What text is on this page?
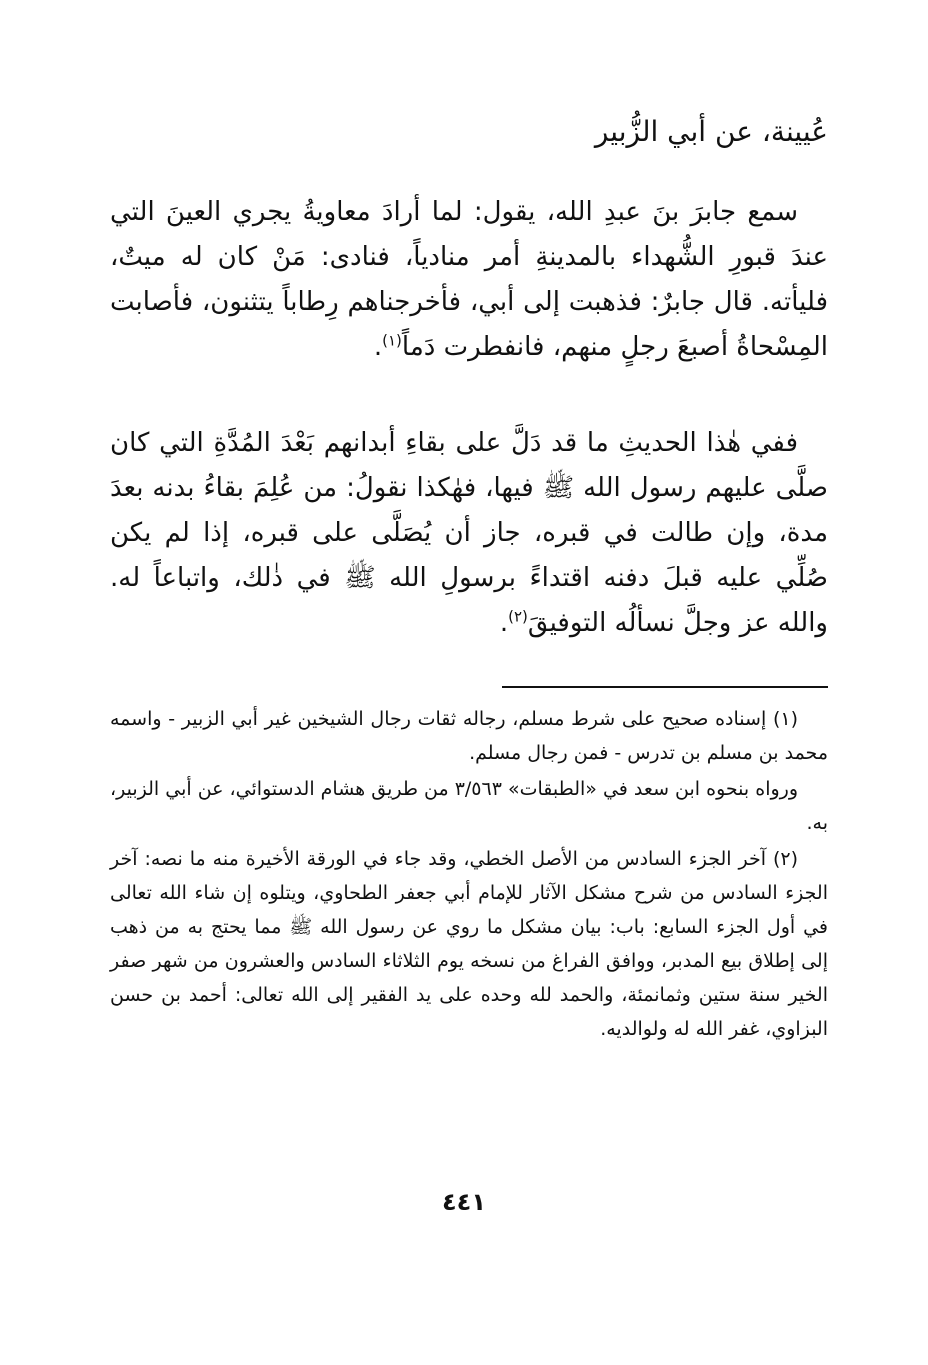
عُيينة، عن أبي الزُّبير

سمع جابرَ بنَ عبدِ الله، يقول: لما أرادَ معاويةُ يجري العينَ التي عندَ قبورِ الشُّهداء بالمدينةِ أمر منادياً، فنادى: مَنْ كان له ميتٌ، فليأته. قال جابرٌ: فذهبت إلى أبي، فأخرجناهم رِطاباً يتثنون، فأصابت المِسْحاةُ أصبعَ رجلٍ منهم، فانفطرت دَماً$^{(١)}$.

ففي هٰذا الحديثِ ما قد دَلَّ على بقاءِ أبدانهم بَعْدَ المُدَّةِ التي كان صلَّى عليهم رسول الله ﷺ فيها، فهٰكذا نقولُ: من عُلِمَ بقاءُ بدنه بعدَ مدة، وإن طالت في قبره، جاز أن يُصَلَّى على قبره، إذا لم يكن صُلِّي عليه قبلَ دفنه اقتداءً برسولِ الله ﷺ في ذٰلك، واتباعاً له. والله عز وجلَّ نسألُه التوفيقَ$^{(٢)}$.

(١) إسناده صحيح على شرط مسلم، رجاله ثقات رجال الشيخين غير أبي الزبير - واسمه محمد بن مسلم بن تدرس - فمن رجال مسلم.

ورواه بنحوه ابن سعد في «الطبقات» ٣/٥٦٣ من طريق هشام الدستوائي، عن أبي الزبير، به.

(٢) آخر الجزء السادس من الأصل الخطي، وقد جاء في الورقة الأخيرة منه ما نصه: آخر الجزء السادس من شرح مشكل الآثار للإمام أبي جعفر الطحاوي، ويتلوه إن شاء الله تعالى في أول الجزء السابع: باب: بيان مشكل ما روي عن رسول الله ﷺ مما يحتج به من ذهب إلى إطلاق بيع المدبر، ووافق الفراغ من نسخه يوم الثلاثاء السادس والعشرون من شهر صفر الخير سنة ستين وثمانمئة، والحمد لله وحده على يد الفقير إلى الله تعالى: أحمد بن حسن البزاوي، غفر الله له ولوالديه.

٤٤١
